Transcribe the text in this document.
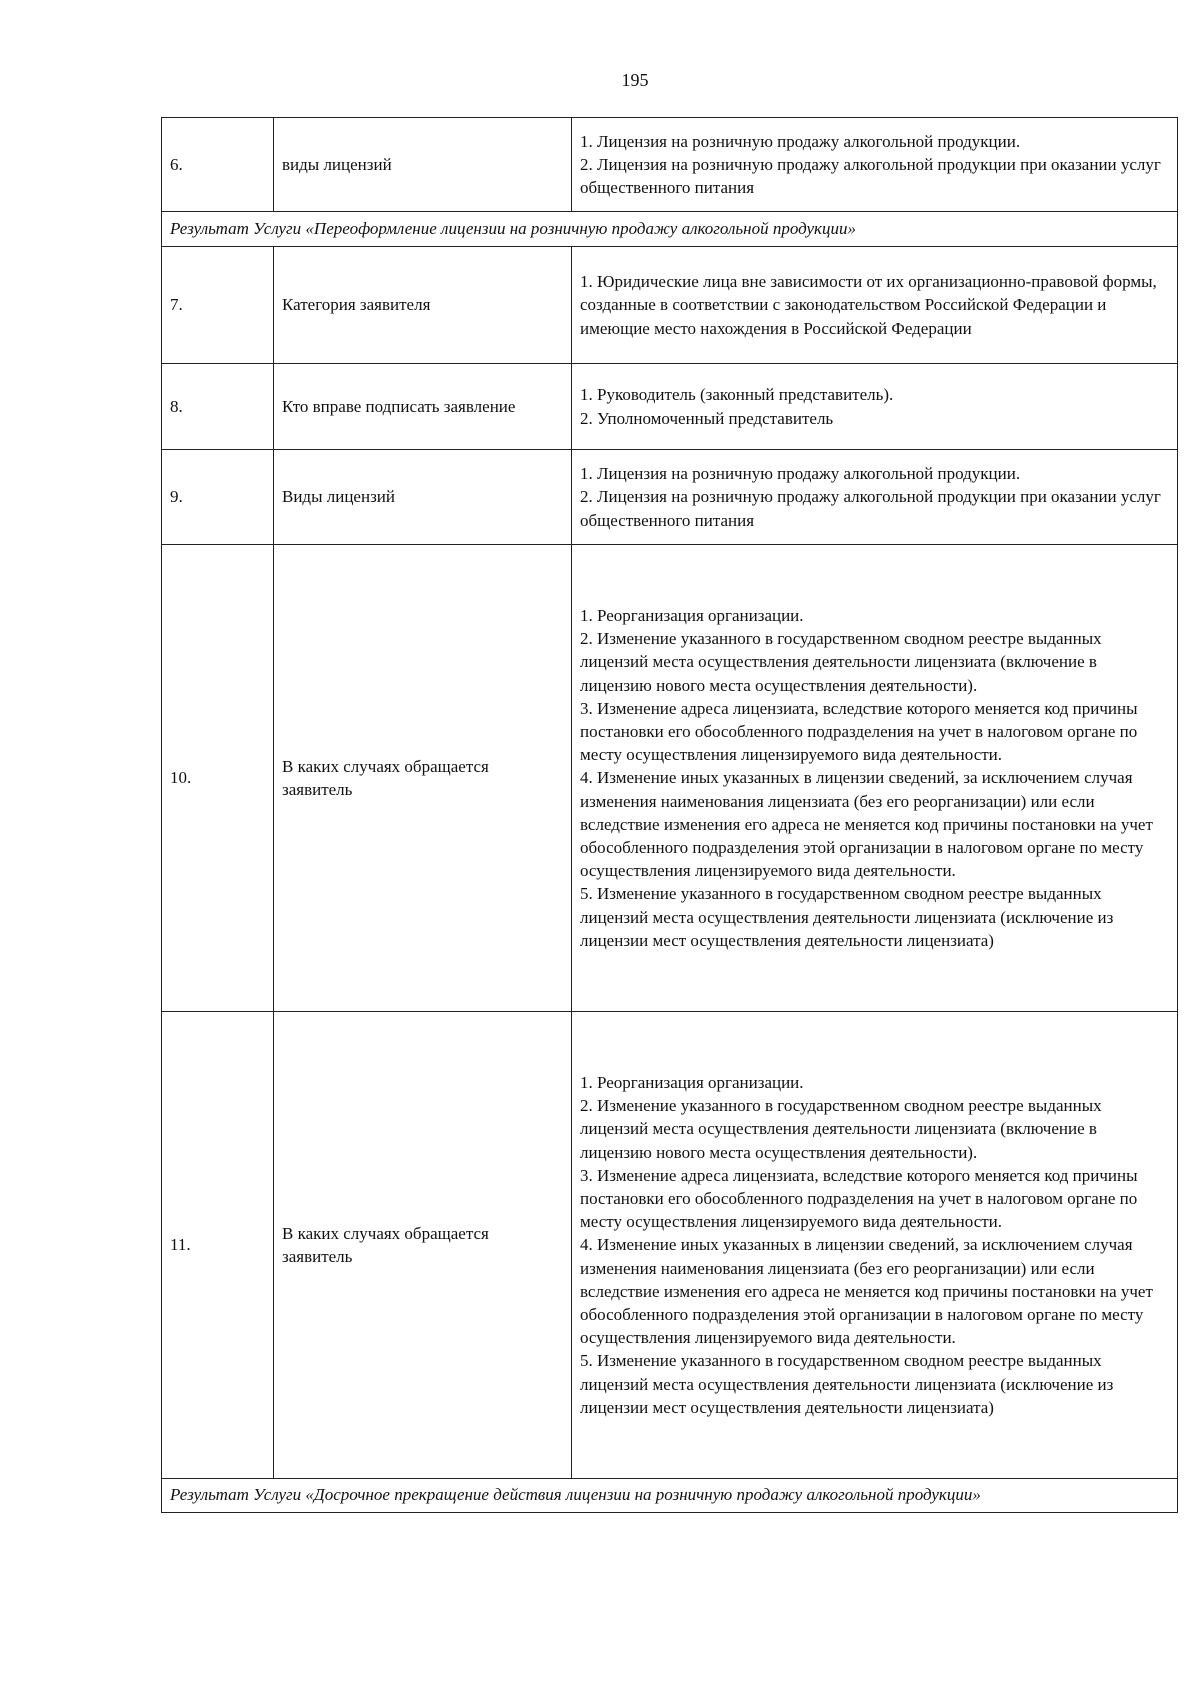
195
6.	виды лицензий	1. Лицензия на розничную продажу алкогольной продукции.
2. Лицензия на розничную продажу алкогольной продукции при оказании услуг общественного питания

Результат Услуги «Переоформление лицензии на розничную продажу алкогольной продукции»		
7.	Категория заявителя	1. Юридические лица вне зависимости от их организационно-правовой формы, созданные в соответствии с законодательством Российской Федерации и имеющие место нахождения в Российской Федерации

8.	Кто вправе подписать заявление	1. Руководитель (законный представитель).
2. Уполномоченный представитель

9.	Виды лицензий	1. Лицензия на розничную продажу алкогольной продукции.
2. Лицензия на розничную продажу алкогольной продукции при оказании услуг общественного питания

10.	В каких случаях обращается заявитель	1. Реорганизация организации.
2. Изменение указанного в государственном сводном реестре выданных лицензий места осуществления деятельности лицензиата (включение в лицензию нового места осуществления деятельности).
3. Изменение адреса лицензиата, вследствие которого меняется код причины постановки его обособленного подразделения на учет в налоговом органе по месту осуществления лицензируемого вида деятельности.
4. Изменение иных указанных в лицензии сведений, за исключением случая изменения наименования лицензиата (без его реорганизации) или если вследствие изменения его адреса не меняется код причины постановки на учет обособленного подразделения этой организации в налоговом органе по месту осуществления лицензируемого вида деятельности.
5. Изменение указанного в государственном сводном реестре выданных лицензий места осуществления деятельности лицензиата (исключение из лицензии мест осуществления деятельности лицензиата)

11.	В каких случаях обращается заявитель	1. Реорганизация организации.
2. Изменение указанного в государственном сводном реестре выданных лицензий места осуществления деятельности лицензиата (включение в лицензию нового места осуществления деятельности).
3. Изменение адреса лицензиата, вследствие которого меняется код причины постановки его обособленного подразделения на учет в налоговом органе по месту осуществления лицензируемого вида деятельности.
4. Изменение иных указанных в лицензии сведений, за исключением случая изменения наименования лицензиата (без его реорганизации) или если вследствие изменения его адреса не меняется код причины постановки на учет обособленного подразделения этой организации в налоговом органе по месту осуществления лицензируемого вида деятельности.
5. Изменение указанного в государственном сводном реестре выданных лицензий места осуществления деятельности лицензиата (исключение из лицензии мест осуществления деятельности лицензиата)

Результат Услуги «Досрочное прекращение действия лицензии на розничную продажу алкогольной продукции»		
